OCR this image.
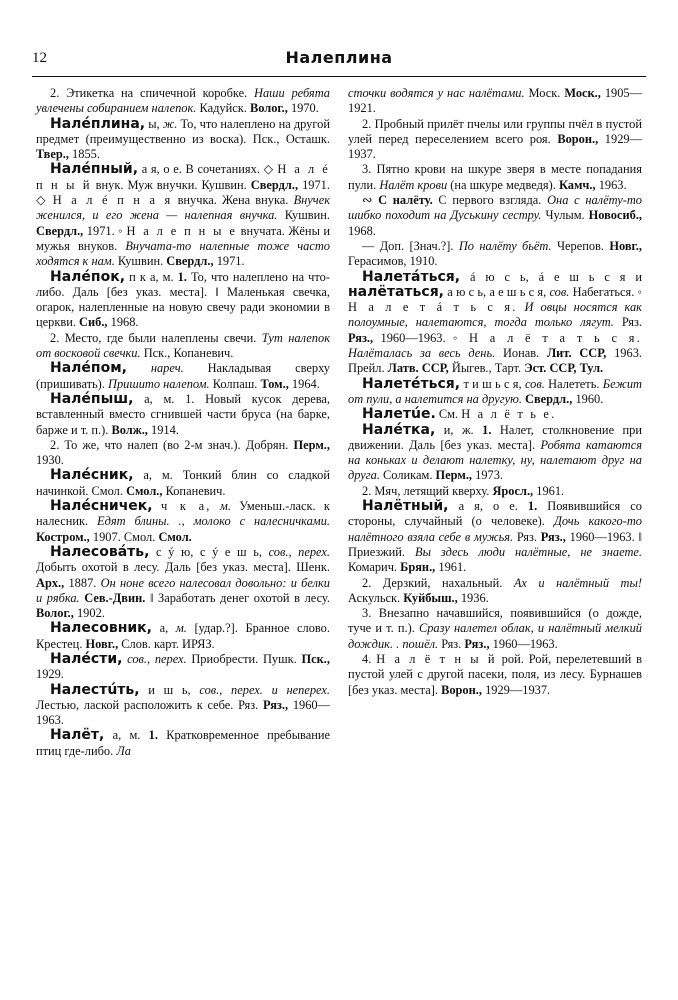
12	Налеплина

2. Этикетка на спичечной коробке. Наши ребята увлечены собиранием налепок. Кадуйск. Волог., 1970.

Налéплина, ы, ж. То, что налеплено на другой предмет (преимущественно из воска). Пск., Осташк. Твер., 1855.

Налéпный, а я, о е. В сочетаниях. ◇ Н а л é п н ы й внук. Муж внучки. Кушвин. Свердл., 1971. ◇ Н а л é п н а я внучка. Жена внука. Внучек женился, и его жена — налепная внучка. Кушвин. Свердл., 1971. ◦ Н а л е п н ы е внучата. Жёны и мужья внуков. Внучата-то налепные тоже часто ходятся к нам. Кушвин. Свердл., 1971.

Налéпок, п к а, м. 1. То, что налеплено на что-либо. Даль [без указ. места]. ‖ Маленькая свечка, огарок, налепленные на новую свечу ради экономии в церкви. Сиб., 1968.

2. Место, где были налеплены свечи. Тут налепок от восковой свечки. Пск., Копаневич.

Налéпом, нареч. Накладывая сверху (пришивать). Пришито налепом. Колпаш. Том., 1964.

Налéпыш, а, м. 1. Новый кусок дерева, вставленный вместо сгнившей части бруса (на барке, барже и т. п.). Волж., 1914.

2. То же, что налеп (во 2-м знач.). Добрян. Перм., 1930.

Налéсник, а, м. Тонкий блин со сладкой начинкой. Смол. Смол., Копаневич.

Налéсничек, ч к а, м. Уменьш.-ласк. к налесник. Едят блины. ., молоко с налесничками. Костром., 1907. Смол. Смол.

Налесовáть, с ý ю, с ý е ш ь, сов., перех. Добыть охотой в лесу. Даль [без указ. места]. Шенк. Арх., 1887. Он ноне всего налесовал довольно: и белки и рябка. Сев.-Двин. ‖ Заработать денег охотой в лесу. Волог., 1902.

Налесовник, а, м. [удар.?]. Бранное слово. Крестец. Новг., Слов. карт. ИРЯЗ.

Налéсти, сов., перех. Приобрести. Пушк. Пск., 1929.

Налестúть, и ш ь, сов., перех. и неперех. Лестью, лаской расположить к себе. Ряз. Ряз., 1960—1963.

Налёт, а, м. 1. Кратковременное пребывание птиц где-либо. Ла

сточки водятся у нас налётами. Моск. Моск., 1905—1921.

2. Пробный прилёт пчелы или группы пчёл в пустой улей перед переселением всего роя. Ворон., 1929—1937.

3. Пятно крови на шкуре зверя в месте попадания пули. Налёт крови (на шкуре медведя). Камч., 1963.

∾ С налёту. С первого взгляда. Она с налёту-то шибко походит на Дуськину сестру. Чулым. Новосиб., 1968.

— Доп. [Знач.?]. По налёту бьёт. Черепов. Новг., Герасимов, 1910.

Налетáться, á ю с ь, á е ш ь с я и налётаться, а ю с ь, а е ш ь с я, сов. Набегаться. ◦ Н а л е т á т ь с я. И овцы носятся как полоумные, налетаются, тогда только лягут. Ряз. Ряз., 1960—1963. ◦ Н а л ё т а т ь с я. Налёталась за весь день. Ионав. Лит. ССР, 1963. Прейл. Латв. ССР, Йыгев., Тарт. Эст. ССР, Тул.

Налетéться, т и ш ь с я, сов. Налететь. Бежит от пули, а налетится на другую. Свердл., 1960.

Налетúе. См. Н а л ё т ь е.

Налéтка, и, ж. 1. Налет, столкновение при движении. Даль [без указ. места]. Робята катаются на коньках и делают налетку, ну, налетают друг на друга. Соликам. Перм., 1973.

2. Мяч, летящий кверху. Яросл., 1961.

Налётный, а я, о е. 1. Появившийся со стороны, случайный (о человеке). Дочь какого-то налётного взяла себе в мужья. Ряз. Ряз., 1960—1963. ‖ Приезжий. Вы здесь люди налётные, не знаете. Комарич. Брян., 1961.

2. Дерзкий, нахальный. Ах и налётный ты! Аскульск. Куйбыш., 1936.

3. Внезапно начавшийся, появившийся (о дожде, туче и т. п.). Сразу налетел облак, и налётный мелкий дождик. . пошёл. Ряз. Ряз., 1960—1963.

4. Н а л ё т н ы й рой. Рой, перелетевший в пустой улей с другой пасеки, поля, из лесу. Бурнашев [без указ. места]. Ворон., 1929—1937.
